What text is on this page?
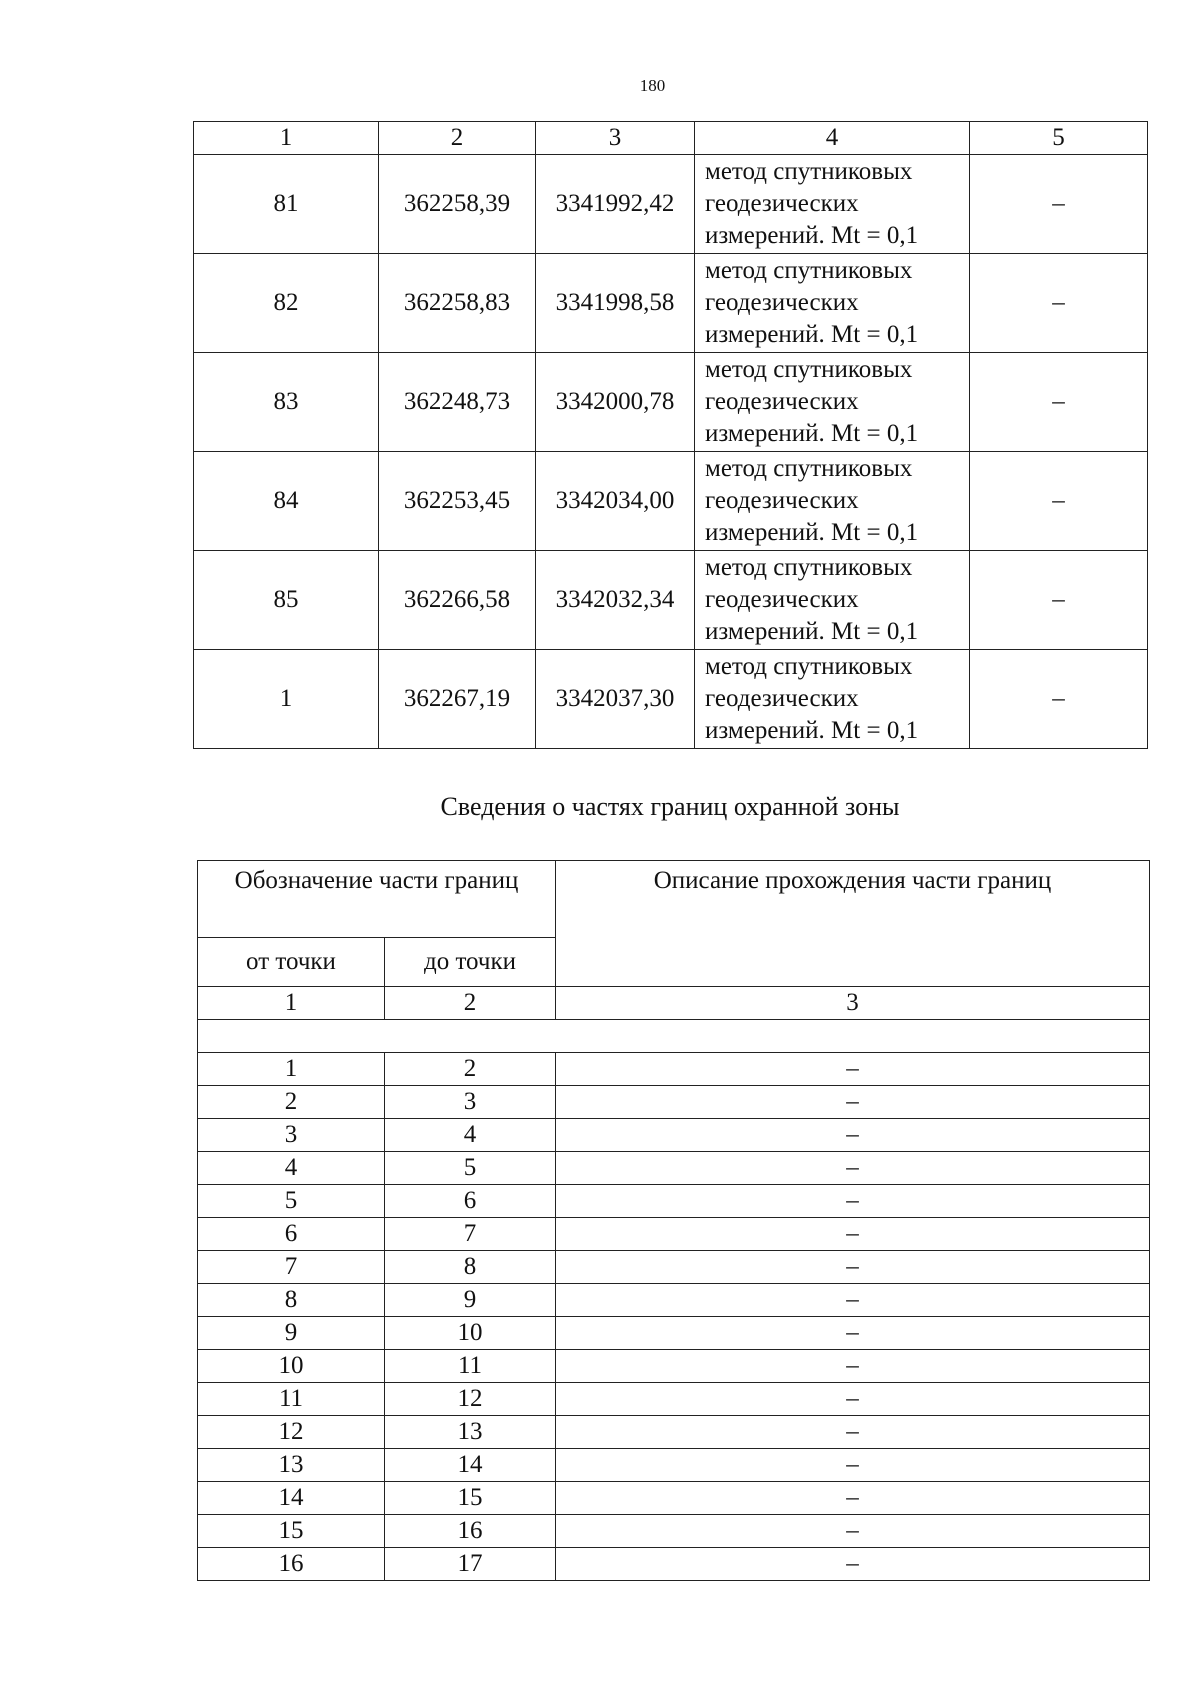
180
1	2	3	4	5
81	362258,39	3341992,42	метод спутниковых
геодезических
измерений. Mt = 0,1	–
82	362258,83	3341998,58	метод спутниковых
геодезических
измерений. Mt = 0,1	–
83	362248,73	3342000,78	метод спутниковых
геодезических
измерений. Mt = 0,1	–
84	362253,45	3342034,00	метод спутниковых
геодезических
измерений. Mt = 0,1	–
85	362266,58	3342032,34	метод спутниковых
геодезических
измерений. Mt = 0,1	–
1	362267,19	3342037,30	метод спутниковых
геодезических
измерений. Mt = 0,1	–
Сведения о частях границ охранной зоны
Обозначение части границ		Описание прохождения части границ
от точки	до точки	
1	2	3

1	2	–
2	3	–
3	4	–
4	5	–
5	6	–
6	7	–
7	8	–
8	9	–
9	10	–
10	11	–
11	12	–
12	13	–
13	14	–
14	15	–
15	16	–
16	17	–
